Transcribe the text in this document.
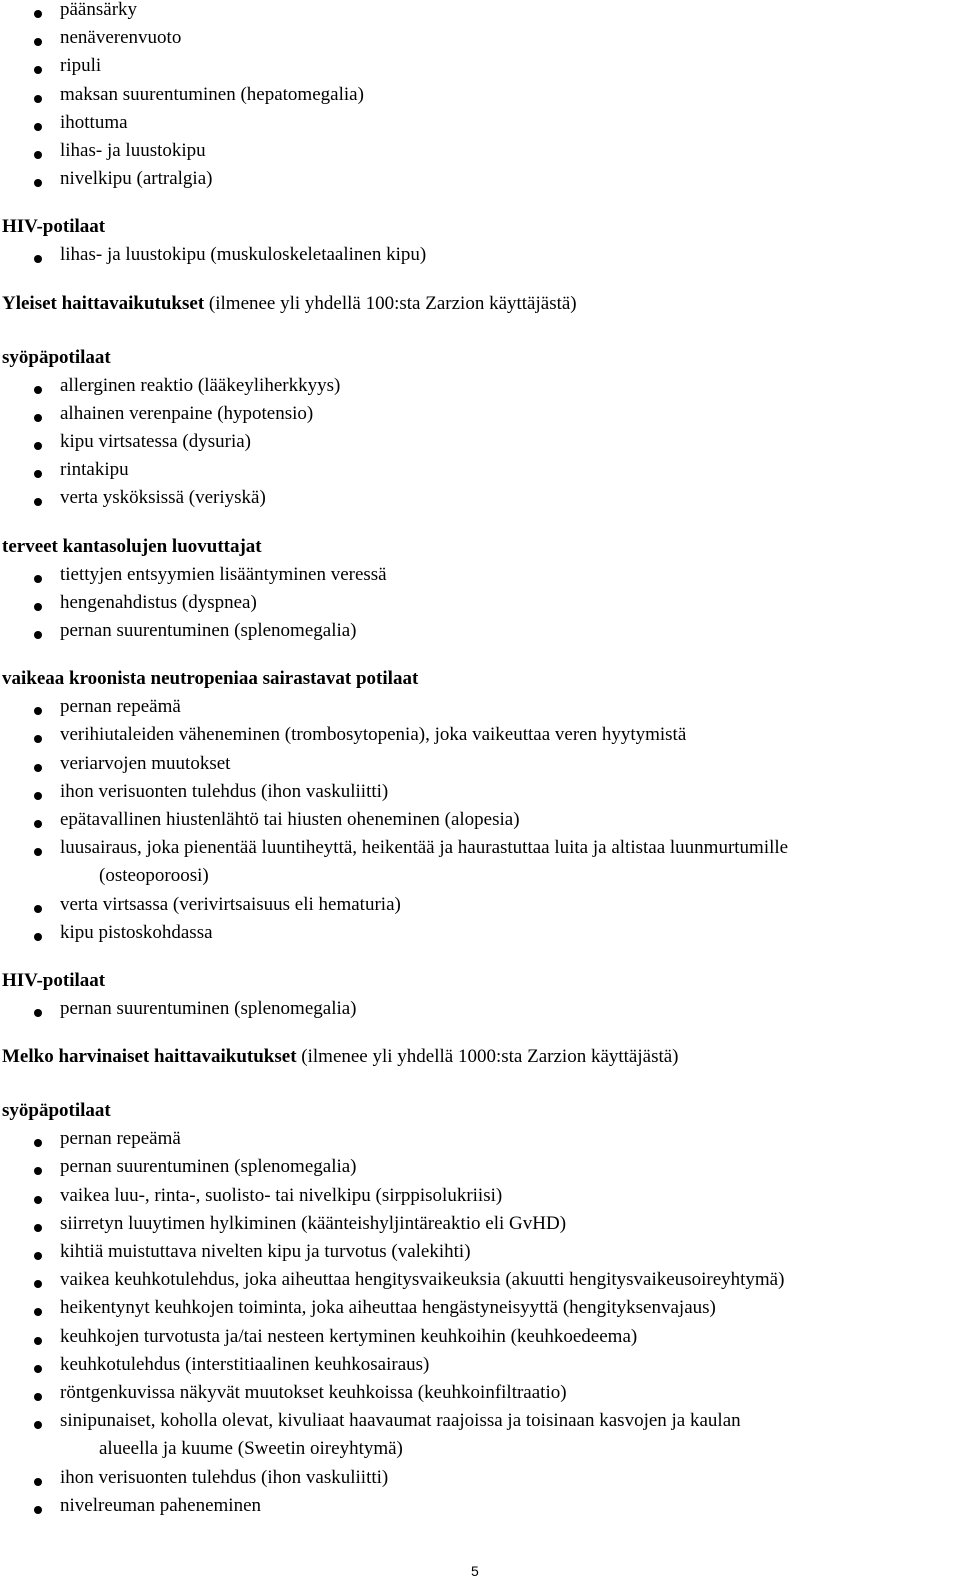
päänsärky
nenäverenvuoto
ripuli
maksan suurentuminen (hepatomegalia)
ihottuma
lihas- ja luustokipu
nivelkipu (artralgia)
HIV-potilaat
lihas- ja luustokipu (muskuloskeletaalinen kipu)
Yleiset haittavaikutukset (ilmenee yli yhdellä 100:sta Zarzion käyttäjästä)
syöpäpotilaat
allerginen reaktio (lääkeyliherkkyys)
alhainen verenpaine (hypotensio)
kipu virtsatessa (dysuria)
rintakipu
verta ysköksissä (veriyskä)
terveet kantasolujen luovuttajat
tiettyjen entsyymien lisääntyminen veressä
hengenahdistus (dyspnea)
pernan suurentuminen (splenomegalia)
vaikeaa kroonista neutropeniaa sairastavat potilaat
pernan repeämä
verihiutaleiden väheneminen (trombosytopenia), joka vaikeuttaa veren hyytymistä
veriarvojen muutokset
ihon verisuonten tulehdus (ihon vaskuliitti)
epätavallinen hiustenlähtö tai hiusten oheneminen (alopesia)
luusairaus, joka pienentää luuntiheyttä, heikentää ja haurastuttaa luita ja altistaa luunmurtumille
(osteoporoosi)
verta virtsassa (verivirtsaisuus eli hematuria)
kipu pistoskohdassa
HIV-potilaat
pernan suurentuminen (splenomegalia)
Melko harvinaiset haittavaikutukset (ilmenee yli yhdellä 1000:sta Zarzion käyttäjästä)
syöpäpotilaat
pernan repeämä
pernan suurentuminen (splenomegalia)
vaikea luu-, rinta-, suolisto- tai nivelkipu (sirppisolukriisi)
siirretyn luuytimen hylkiminen (käänteishyljintäreaktio eli GvHD)
kihtiä muistuttava nivelten kipu ja turvotus (valekihti)
vaikea keuhkotulehdus, joka aiheuttaa hengitysvaikeuksia (akuutti hengitysvaikeusoireyhtymä)
heikentynyt keuhkojen toiminta, joka aiheuttaa hengästyneisyyttä (hengityksenvajaus)
keuhkojen turvotusta ja/tai nesteen kertyminen keuhkoihin (keuhkoedeema)
keuhkotulehdus (interstitiaalinen keuhkosairaus)
röntgenkuvissa näkyvät muutokset keuhkoissa (keuhkoinfiltraatio)
sinipunaiset, koholla olevat, kivuliaat haavaumat raajoissa ja toisinaan kasvojen ja kaulan
alueella ja kuume (Sweetin oireyhtymä)
ihon verisuonten tulehdus (ihon vaskuliitti)
nivelreuman paheneminen
5
